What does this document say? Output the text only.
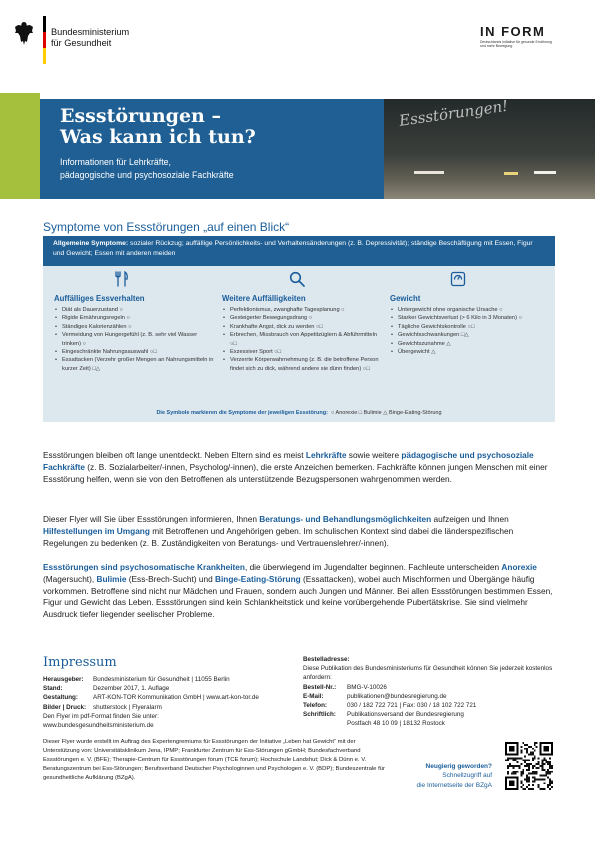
Bundesministerium
für Gesundheit
IN FORM
Deutschlands Initiative für gesunde Ernährung
und mehr Bewegung
Essstörungen!
Essstörungen –
Was kann ich tun?
Informationen für Lehrkräfte,
pädagogische und psychosoziale Fachkräfte
Symptome von Essstörungen „auf einen Blick“
Allgemeine Symptome: sozialer Rückzug; auffällige Persönlichkeits- und Verhaltensänderungen (z. B. Depressivität); ständige Beschäftigung mit Essen, Figur und Gewicht; Essen mit anderen meiden
Auffälliges Essverhalten
• Diät als Dauerzustand ○
• Rigide Ernährungsregeln ○
• Ständiges Kalorienzählen ○
• Vermeidung von Hungergefühl (z. B. sehr viel Wasser trinken) ○
• Eingeschränkte Nahrungsauswahl ○□
• Essattacken (Verzehr großer Mengen an Nahrungsmitteln in kurzer Zeit) □△
Weitere Auffälligkeiten
• Perfektionismus, zwanghafte Tagesplanung ○
• Gesteigerter Bewegungsdrang ○
• Krankhafte Angst, dick zu werden ○□
• Erbrechen, Missbrauch von Appetitzüglern & Abführmitteln ○□
• Exzessiver Sport ○□
• Verzerrte Körperwahrnehmung (z. B. die betroffene Person findet sich zu dick, während andere sie dünn finden) ○□
Gewicht
• Untergewicht ohne organische Ursache ○
• Starker Gewichtsverlust (> 6 Kilo in 3 Monaten) ○
• Tägliche Gewichtskontrolle ○□
• Gewichtsschwankungen □△
• Gewichtszunahme △
• Übergewicht △
Die Symbole markieren die Symptome der jeweiligen Essstörung: ○ Anorexie □ Bulimie △ Binge-Eating-Störung
Essstörungen bleiben oft lange unentdeckt. Neben Eltern sind es meist Lehrkräfte sowie weitere pädagogische und psychosoziale Fachkräfte (z. B. Sozialarbeiter/-innen, Psycholog/-innen), die erste Anzeichen bemerken. Fachkräfte können jungen Menschen mit einer Essstörung helfen, wenn sie von den Betroffenen als unterstützende Bezugspersonen wahrgenommen werden.
Dieser Flyer will Sie über Essstörungen informieren, Ihnen Beratungs- und Behandlungsmöglichkeiten aufzeigen und Ihnen Hilfestellungen im Umgang mit Betroffenen und Angehörigen geben. Im schulischen Kontext sind dabei die länderspezifischen Regelungen zu bedenken (z. B. Zuständigkeiten von Beratungs- und Vertrauenslehrer/-innen).
Essstörungen sind psychosomatische Krankheiten, die überwiegend im Jugendalter beginnen. Fachleute unterscheiden Anorexie (Magersucht), Bulimie (Ess-Brech-Sucht) und Binge-Eating-Störung (Essattacken), wobei auch Mischformen und Übergänge häufig vorkommen. Betroffene sind nicht nur Mädchen und Frauen, sondern auch Jungen und Männer. Bei allen Essstörungen bestimmen Essen, Figur und Gewicht das Leben. Essstörungen sind kein Schlankheitstick und keine vorübergehende Pubertätskrise. Sie sind vielmehr Ausdruck tiefer liegender seelischer Probleme.
Impressum
Herausgeber:	Bundesministerium für Gesundheit | 11055 Berlin
Stand:	Dezember 2017, 1. Auflage
Gestaltung:	ART-KON-TOR Kommunikation GmbH | www.art-kon-tor.de
Bilder | Druck:	shutterstock | Flyeralarm
Den Flyer im pdf-Format finden Sie unter:
www.bundesgesundheitsministerium.de
Bestelladresse:
Diese Publikation des Bundesministeriums für Gesundheit können Sie jederzeit kostenlos anfordern:
Bestell-Nr.:	BMG-V-10026
E-Mail:	publikationen@bundesregierung.de
Telefon:	030 / 182 722 721 | Fax: 030 / 18 102 722 721
Schriftlich:	Publikationsversand der Bundesregierung
	Postfach 48 10 09 | 18132 Rostock
Dieser Flyer wurde erstellt im Auftrag des Expertengremiums für Essstörungen der Initiative „Leben hat Gewicht“ mit der Unterstützung von: Universitätsklinikum Jena, IPMP; Frankfurter Zentrum für Ess-Störungen gGmbH; Bundesfachverband Essstörungen e. V. (BFE); Therapie-Centrum für Essstörungen forum (TCE forum); Hochschule Landshut; Dick & Dünn e. V. Beratungszentrum bei Ess-Störungen; Berufsverband Deutscher Psychologinnen und Psychologen e. V. (BDP); Bundeszentrale für gesundheitliche Aufklärung (BZgA).
Neugierig geworden?
Schnellzugriff auf
die Internetseite der BZgA
